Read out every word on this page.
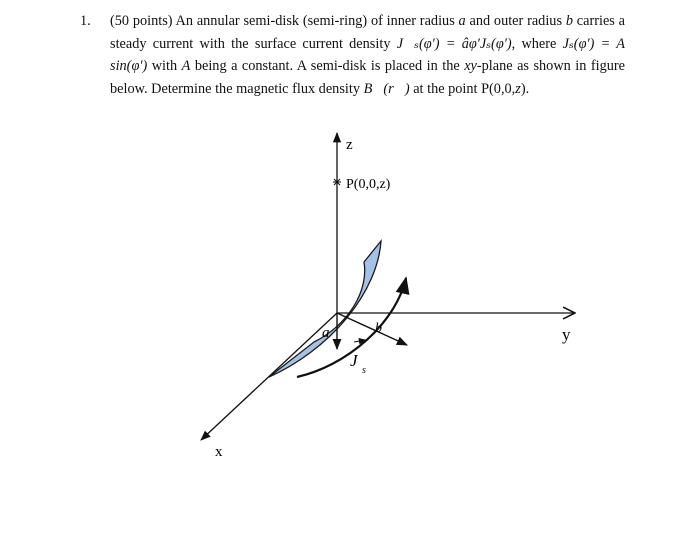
1. (50 points) An annular semi-disk (semi-ring) of inner radius a and outer radius b carries a steady current with the surface current density J⃗ₛ(φ′) = âφ′Jₛ(φ′), where Jₛ(φ′) = A sin(φ′) with A being a constant. A semi-disk is placed in the xy-plane as shown in figure below. Determine the magnetic flux density B⃗(r⃗) at the point P(0,0,z).
z
P(0,0,z)
y
x
a	b
J
s
